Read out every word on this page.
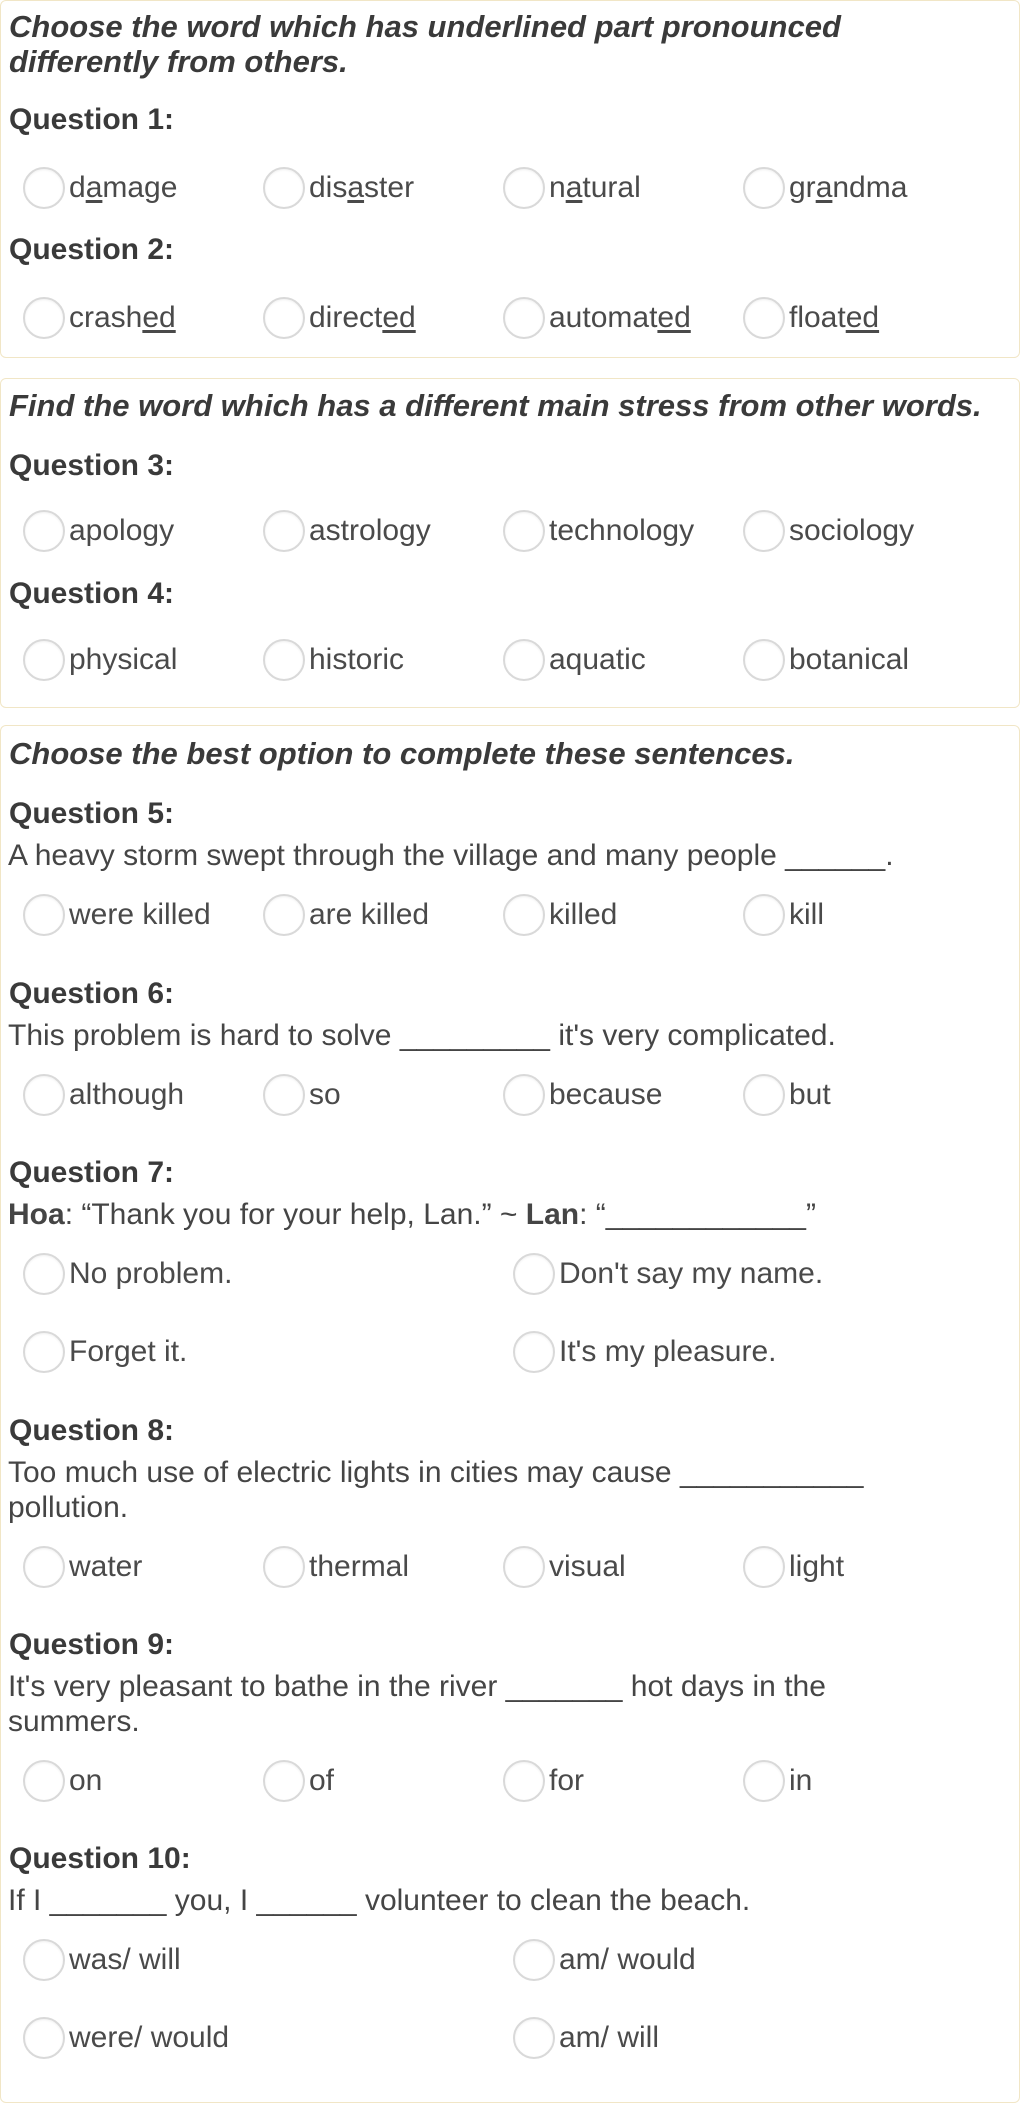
Choose the word which has underlined part pronounced
differently from others.
Question 1:
damage	disaster	natural	grandma
Question 2:
crashed	directed	automated	floated
Find the word which has a different main stress from other words.
Question 3:
apology	astrology	technology	sociology
Question 4:
physical	historic	aquatic	botanical
Choose the best option to complete these sentences.
Question 5:
A heavy storm swept through the village and many people ______.
were killed	are killed	killed	kill
Question 6:
This problem is hard to solve _________ it's very complicated.
although	so	because	but
Question 7:
Hoa: “Thank you for your help, Lan.” ~ Lan: “____________”
No problem.	Don't say my name.
Forget it.	It's my pleasure.
Question 8:
Too much use of electric lights in cities may cause ___________ pollution.
water	thermal	visual	light
Question 9:
It's very pleasant to bathe in the river _______ hot days in the summers.
on	of	for	in
Question 10:
If I _______ you, I ______ volunteer to clean the beach.
was/ will	am/ would
were/ would	am/ will
